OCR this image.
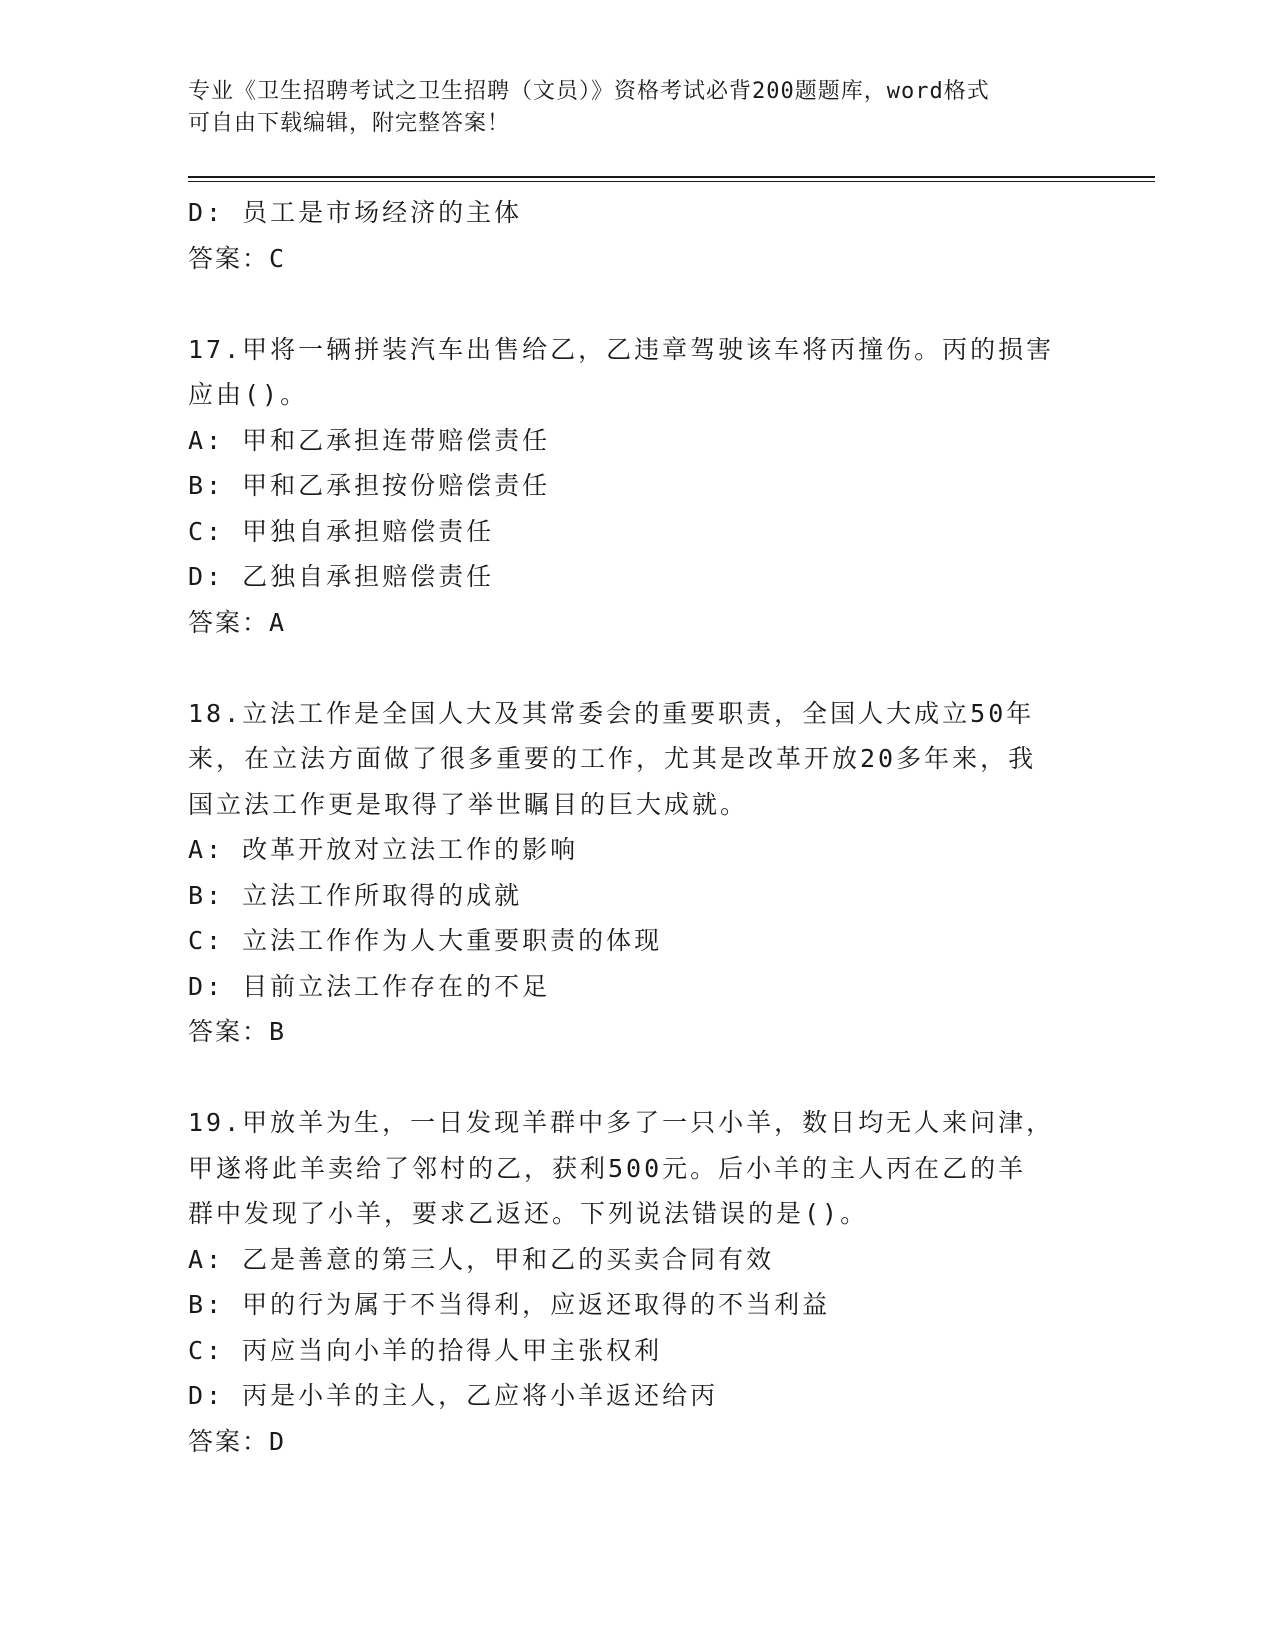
专业《卫生招聘考试之卫生招聘（文员）》资格考试必背200题题库，word格式
可自由下载编辑，附完整答案！
D: 员工是市场经济的主体
答案：C
17.甲将一辆拼装汽车出售给乙，乙违章驾驶该车将丙撞伤。丙的损害
应由()。
A: 甲和乙承担连带赔偿责任
B: 甲和乙承担按份赔偿责任
C: 甲独自承担赔偿责任
D: 乙独自承担赔偿责任
答案：A
18.立法工作是全国人大及其常委会的重要职责，全国人大成立50年
来，在立法方面做了很多重要的工作，尤其是改革开放20多年来，我
国立法工作更是取得了举世瞩目的巨大成就。
A: 改革开放对立法工作的影响
B: 立法工作所取得的成就
C: 立法工作作为人大重要职责的体现
D: 目前立法工作存在的不足
答案：B
19.甲放羊为生，一日发现羊群中多了一只小羊，数日均无人来问津，
甲遂将此羊卖给了邻村的乙，获利500元。后小羊的主人丙在乙的羊
群中发现了小羊，要求乙返还。下列说法错误的是()。
A: 乙是善意的第三人，甲和乙的买卖合同有效
B: 甲的行为属于不当得利，应返还取得的不当利益
C: 丙应当向小羊的拾得人甲主张权利
D: 丙是小羊的主人，乙应将小羊返还给丙
答案：D
